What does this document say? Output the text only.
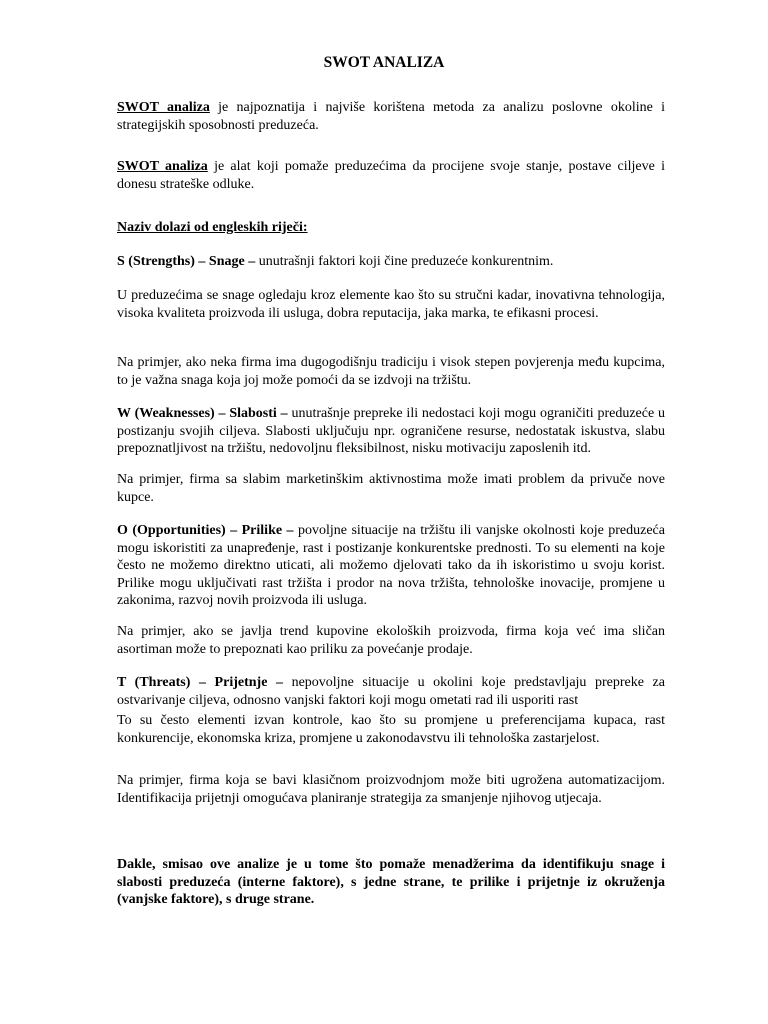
SWOT ANALIZA
SWOT analiza je najpoznatija i najviše korištena metoda za analizu poslovne okoline i strategijskih sposobnosti preduzeća.
SWOT analiza je alat koji pomaže preduzećima da procijene svoje stanje, postave ciljeve i donesu strateške odluke.
Naziv dolazi od engleskih riječi:
S (Strengths) – Snage – unutrašnji faktori koji čine preduzeće konkurentnim.
U preduzećima se snage ogledaju kroz elemente kao što su stručni kadar, inovativna tehnologija, visoka kvaliteta proizvoda ili usluga, dobra reputacija, jaka marka, te efikasni procesi.
Na primjer, ako neka firma ima dugogodišnju tradiciju i visok stepen povjerenja među kupcima, to je važna snaga koja joj može pomoći da se izdvoji na tržištu.
W (Weaknesses) – Slabosti – unutrašnje prepreke ili nedostaci koji mogu ograničiti preduzeće u postizanju svojih ciljeva. Slabosti uključuju npr. ograničene resurse, nedostatak iskustva, slabu prepoznatljivost na tržištu, nedovoljnu fleksibilnost, nisku motivaciju zaposlenih itd.
Na primjer, firma sa slabim marketinškim aktivnostima može imati problem da privuče nove kupce.
O (Opportunities) – Prilike – povoljne situacije na tržištu ili vanjske okolnosti koje preduzeća mogu iskoristiti za unapređenje, rast i postizanje konkurentske prednosti. To su elementi na koje često ne možemo direktno uticati, ali možemo djelovati tako da ih iskoristimo u svoju korist. Prilike mogu uključivati rast tržišta i prodor na nova tržišta, tehnološke inovacije, promjene u zakonima, razvoj novih proizvoda ili usluga.
Na primjer, ako se javlja trend kupovine ekoloških proizvoda, firma koja već ima sličan asortiman može to prepoznati kao priliku za povećanje prodaje.
T (Threats) – Prijetnje – nepovoljne situacije u okolini koje predstavljaju prepreke za ostvarivanje ciljeva, odnosno vanjski faktori koji mogu ometati rad ili usporiti rast
To su često elementi izvan kontrole, kao što su promjene u preferencijama kupaca, rast konkurencije, ekonomska kriza, promjene u zakonodavstvu ili tehnološka zastarjelost.
Na primjer, firma koja se bavi klasičnom proizvodnjom može biti ugrožena automatizacijom. Identifikacija prijetnji omogućava planiranje strategija za smanjenje njihovog utjecaja.
Dakle, smisao ove analize je u tome što pomaže menadžerima da identifikuju snage i slabosti preduzeća (interne faktore), s jedne strane, te prilike i prijetnje iz okruženja (vanjske faktore), s druge strane.
